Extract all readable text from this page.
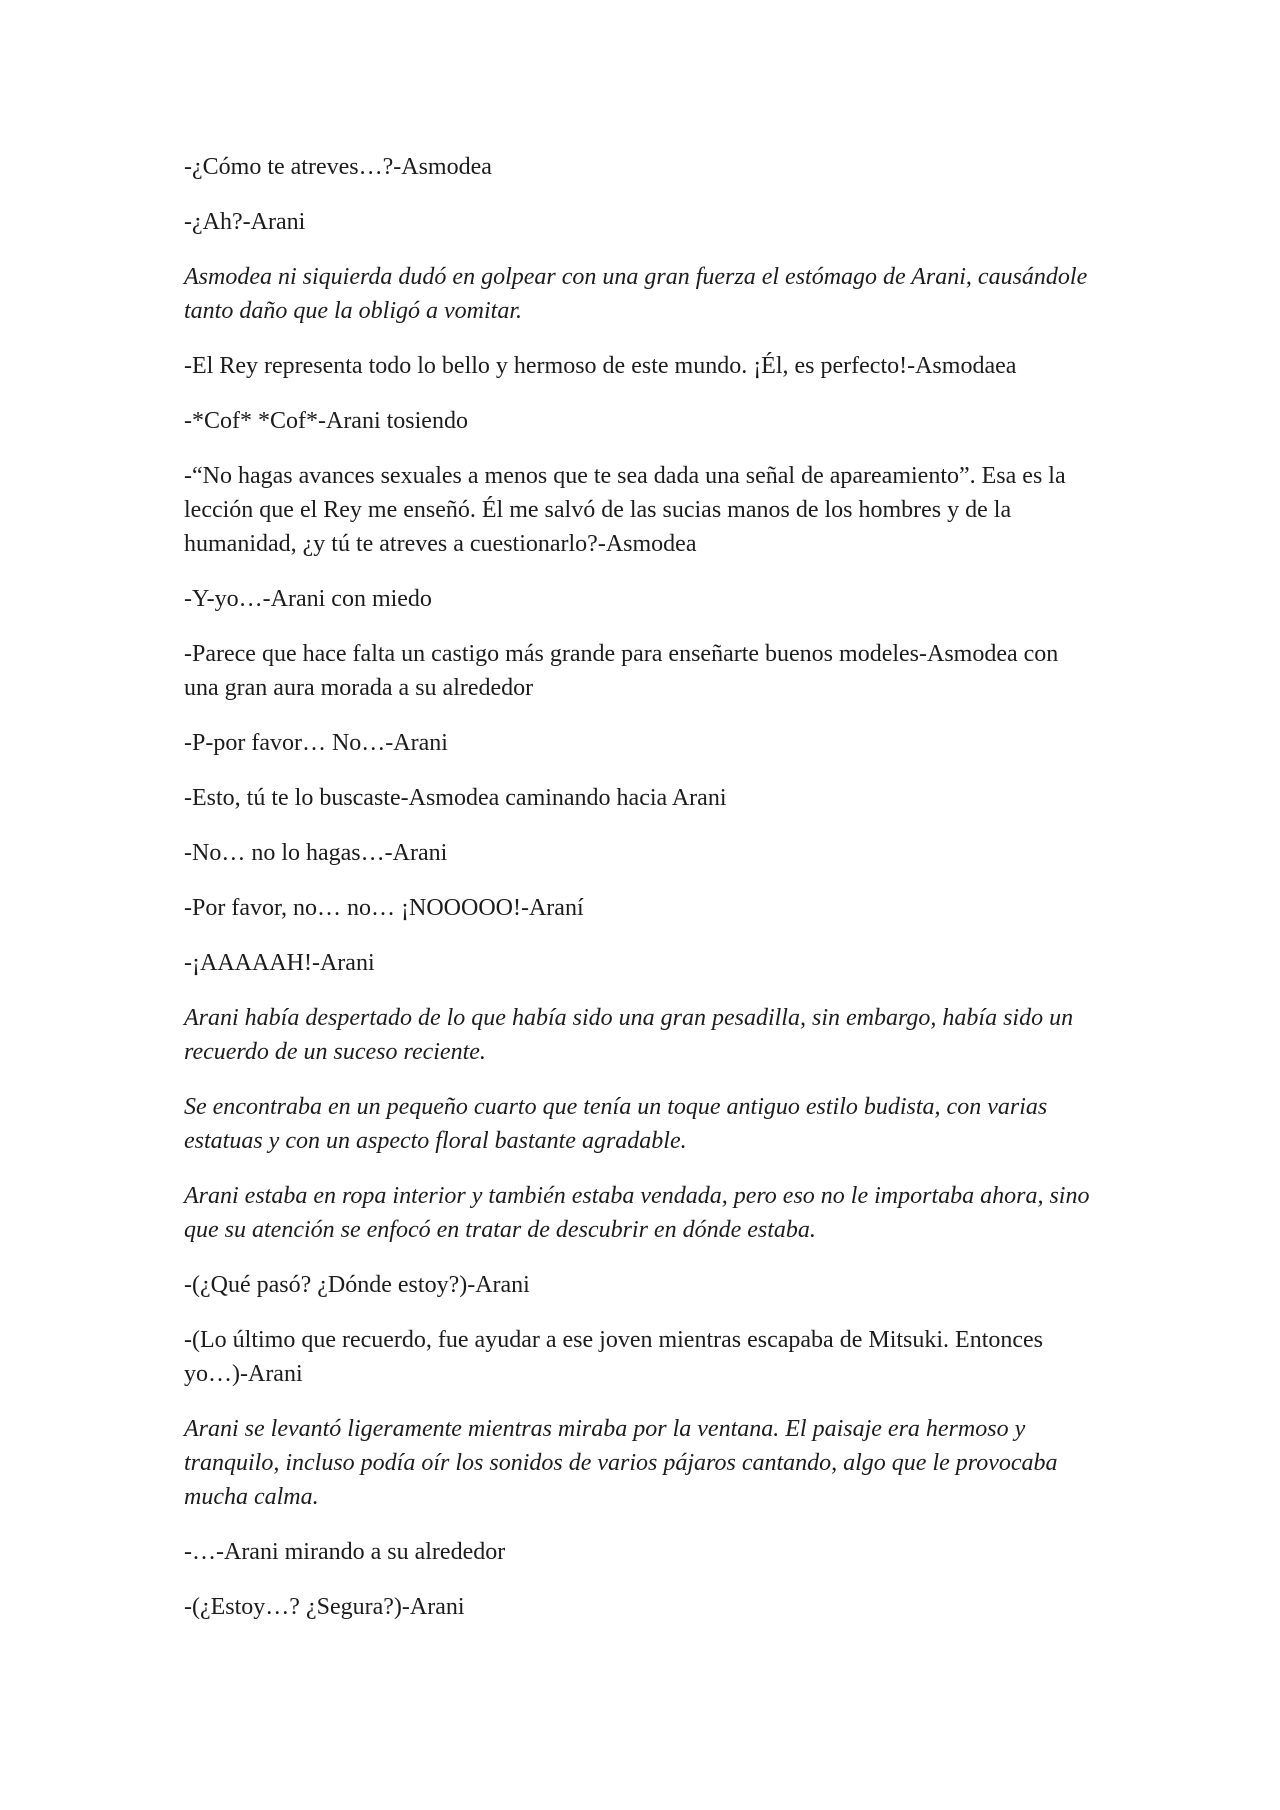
-¿Cómo te atreves…?-Asmodea

-¿Ah?-Arani

Asmodea ni siquierda dudó en golpear con una gran fuerza el estómago de Arani, causándole tanto daño que la obligó a vomitar.

-El Rey representa todo lo bello y hermoso de este mundo. ¡Él, es perfecto!-Asmodaea

-*Cof* *Cof*-Arani tosiendo

-“No hagas avances sexuales a menos que te sea dada una señal de apareamiento”. Esa es la lección que el Rey me enseñó. Él me salvó de las sucias manos de los hombres y de la humanidad, ¿y tú te atreves a cuestionarlo?-Asmodea

-Y-yo…-Arani con miedo

-Parece que hace falta un castigo más grande para enseñarte buenos modeles-Asmodea con una gran aura morada a su alrededor

-P-por favor… No…-Arani

-Esto, tú te lo buscaste-Asmodea caminando hacia Arani

-No… no lo hagas…-Arani

-Por favor, no… no… ¡NOOOOO!-Araní

-¡AAAAAH!-Arani

Arani había despertado de lo que había sido una gran pesadilla, sin embargo, había sido un recuerdo de un suceso reciente.

Se encontraba en un pequeño cuarto que tenía un toque antiguo estilo budista, con varias estatuas y con un aspecto floral bastante agradable.

Arani estaba en ropa interior y también estaba vendada, pero eso no le importaba ahora, sino que su atención se enfocó en tratar de descubrir en dónde estaba.

-(¿Qué pasó? ¿Dónde estoy?)-Arani

-(Lo último que recuerdo, fue ayudar a ese joven mientras escapaba de Mitsuki. Entonces yo…)-Arani

Arani se levantó ligeramente mientras miraba por la ventana. El paisaje era hermoso y tranquilo, incluso podía oír los sonidos de varios pájaros cantando, algo que le provocaba mucha calma.

-…-Arani mirando a su alrededor

-(¿Estoy…? ¿Segura?)-Arani
